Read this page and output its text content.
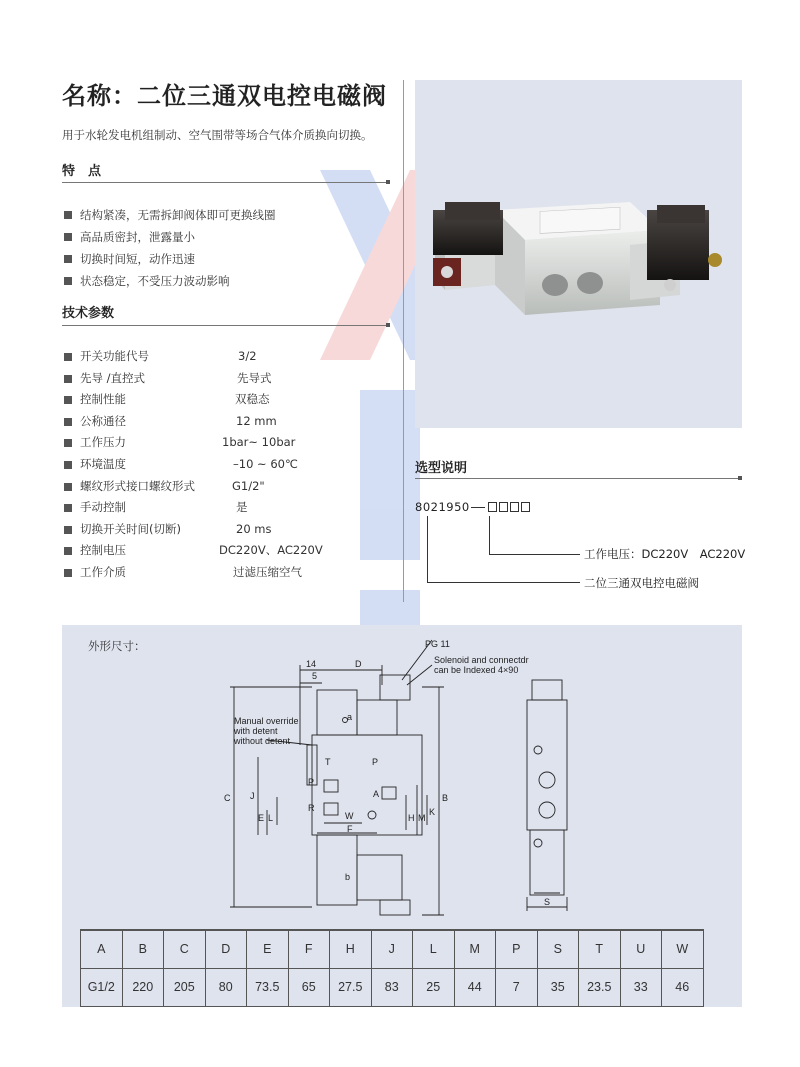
名称：二位三通双电控电磁阀

用于水轮发电机组制动、空气围带等场合气体介质换向切换。

特　点
结构紧凑，无需拆卸阀体即可更换线圈
高品质密封，泄露量小
切换时间短，动作迅速
状态稳定，不受压力波动影响
技术参数
开关功能代号	3/2
先导 /直控式	先导式
控制性能	双稳态
公称通径	12 mm
工作压力	1bar~ 10bar
环境温度	–10 ~ 60℃
螺纹形式接口螺纹形式	G1/2"
手动控制	是
切换开关时间(切断)	20 ms
控制电压	DC220V、AC220V
工作介质	过滤压缩空气
选型说明
8021950
工作电压：DC220V　AC220V
二位三通双电控电磁阀
外形尺寸：	PG 11
Solenoid and connectdr
can be Indexed 4×90
Manual override
with detent
without detent
14
5
D
C	B
T	P
P
A
R
W
F
J
L
E	H M
K
S
a
b
A	B	C	D	E	F	H	J	L	M	P	S	T	U	W
G1/2	220	205	80	73.5	65	27.5	83	25	44	7	35	23.5	33	46
